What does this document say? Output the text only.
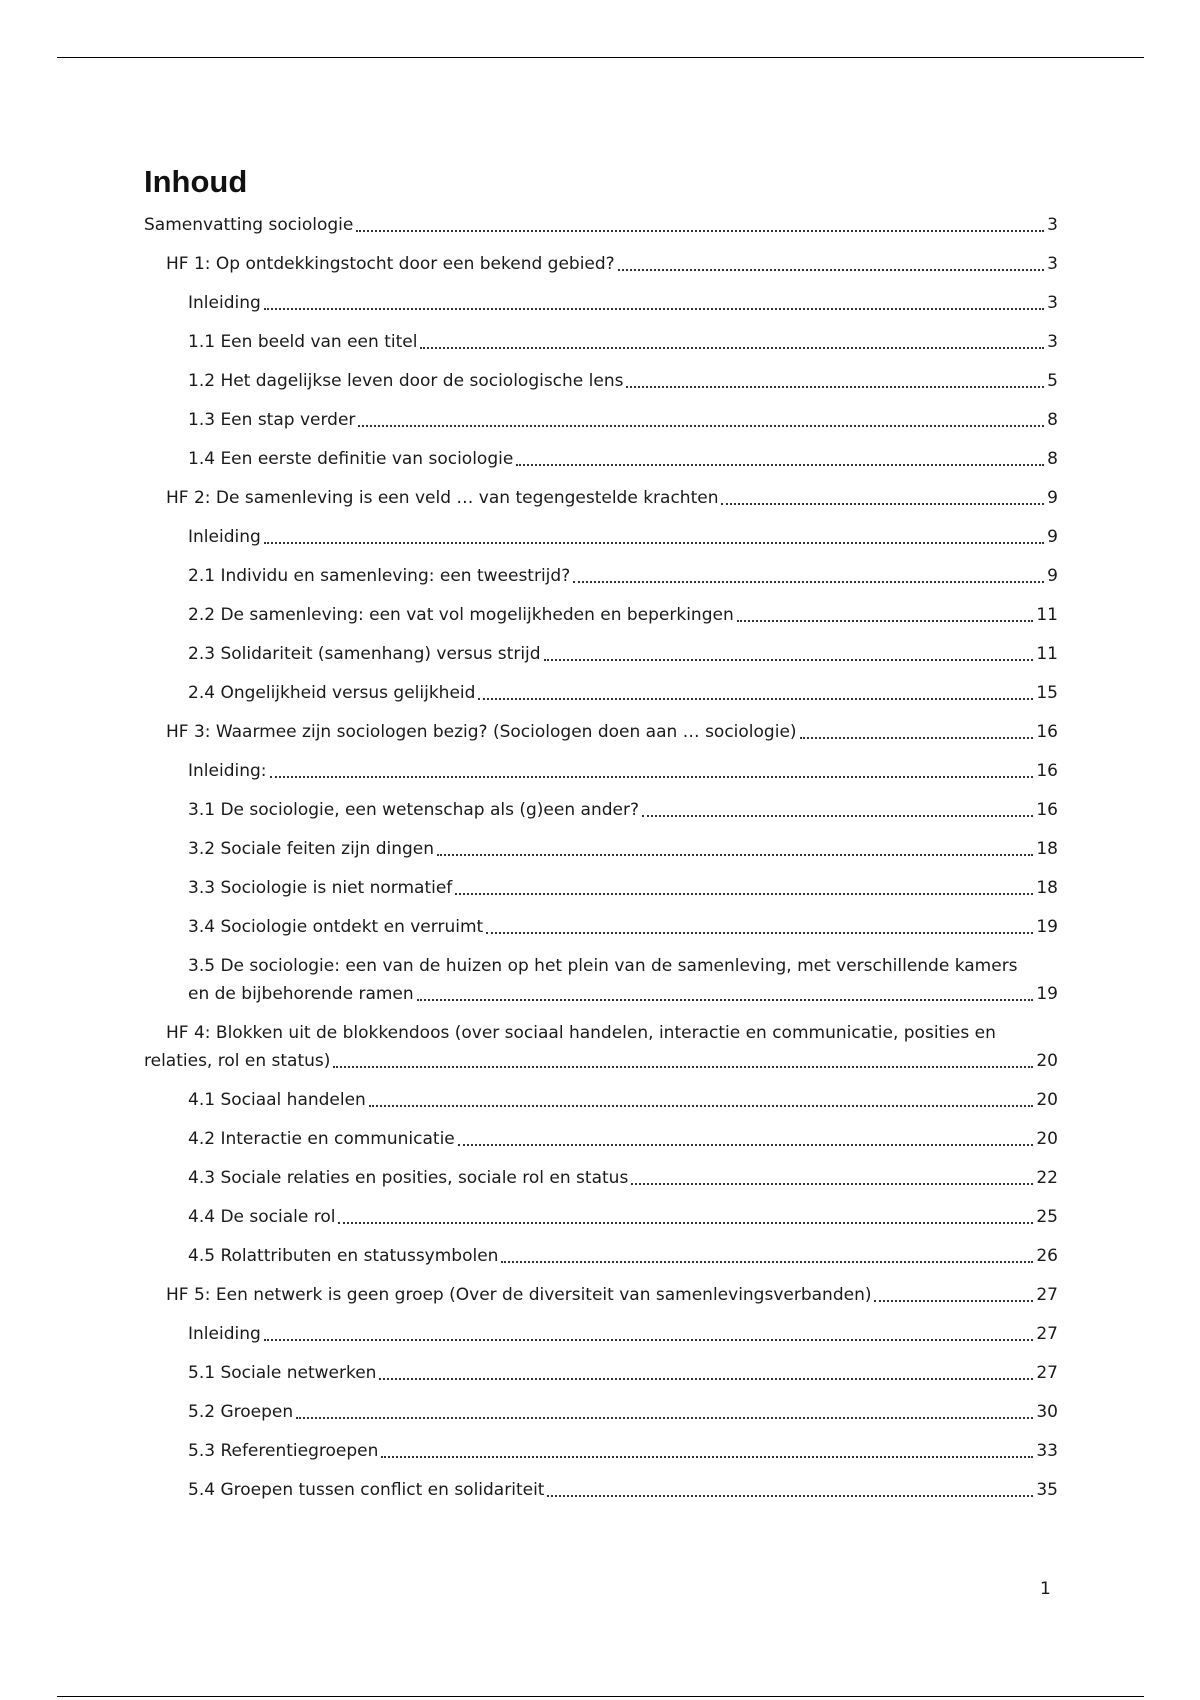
Inhoud
Samenvatting sociologie	3
HF 1: Op ontdekkingstocht door een bekend gebied?	3
Inleiding	3
1.1 Een beeld van een titel	3
1.2 Het dagelijkse leven door de sociologische lens	5
1.3 Een stap verder	8
1.4 Een eerste definitie van sociologie	8
HF 2: De samenleving is een veld … van tegengestelde krachten	9
Inleiding	9
2.1 Individu en samenleving: een tweestrijd?	9
2.2 De samenleving: een vat vol mogelijkheden en beperkingen	11
2.3 Solidariteit (samenhang) versus strijd	11
2.4 Ongelijkheid versus gelijkheid	15
HF 3: Waarmee zijn sociologen bezig? (Sociologen doen aan … sociologie)	16
Inleiding:	16
3.1 De sociologie, een wetenschap als (g)een ander?	16
3.2 Sociale feiten zijn dingen	18
3.3 Sociologie is niet normatief	18
3.4 Sociologie ontdekt en verruimt	19
3.5 De sociologie: een van de huizen op het plein van de samenleving, met verschillende kamers
en de bijbehorende ramen	19
HF 4: Blokken uit de blokkendoos (over sociaal handelen, interactie en communicatie, posities en
relaties, rol en status)	20
4.1 Sociaal handelen	20
4.2 Interactie en communicatie	20
4.3 Sociale relaties en posities, sociale rol en status	22
4.4 De sociale rol	25
4.5 Rolattributen en statussymbolen	26
HF 5: Een netwerk is geen groep (Over de diversiteit van samenlevingsverbanden)	27
Inleiding	27
5.1 Sociale netwerken	27
5.2 Groepen	30
5.3 Referentiegroepen	33
5.4 Groepen tussen conflict en solidariteit	35
1
